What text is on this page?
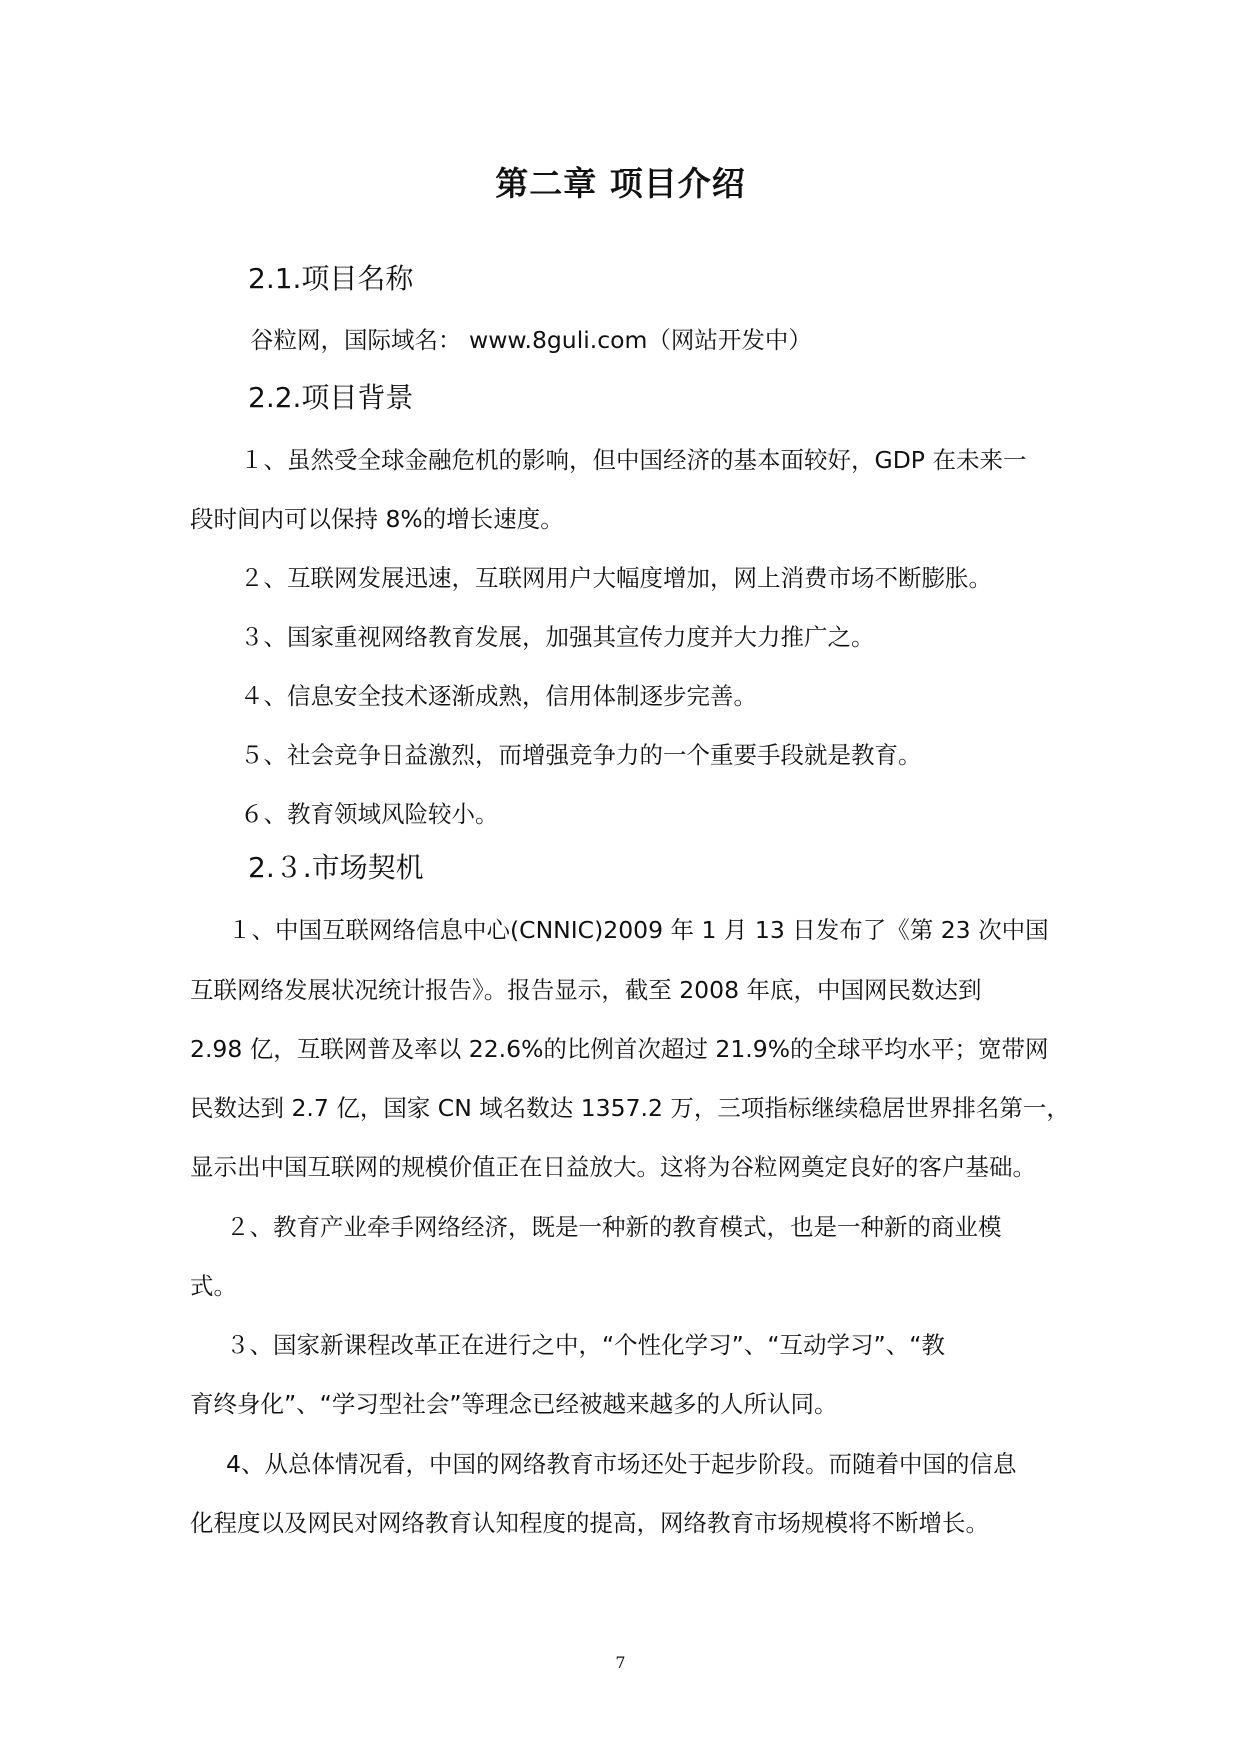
第二章 项目介绍
2.1.项目名称
谷粒网，国际域名： www.8guli.com（网站开发中）
2.2.项目背景
１、虽然受全球金融危机的影响，但中国经济的基本面较好，GDP 在未来一
段时间内可以保持 8%的增长速度。
２、互联网发展迅速，互联网用户大幅度增加，网上消费市场不断膨胀。
３、国家重视网络教育发展，加强其宣传力度并大力推广之。
４、信息安全技术逐渐成熟，信用体制逐步完善。
５、社会竞争日益激烈，而增强竞争力的一个重要手段就是教育。
６、教育领域风险较小。
2.３.市场契机
１、中国互联网络信息中心(CNNIC)2009 年 1 月 13 日发布了《第 23 次中国
互联网络发展状况统计报告》。报告显示，截至 2008 年底，中国网民数达到
2.98 亿，互联网普及率以 22.6%的比例首次超过 21.9%的全球平均水平；宽带网
民数达到 2.7 亿，国家 CN 域名数达 1357.2 万，三项指标继续稳居世界排名第一，
显示出中国互联网的规模价值正在日益放大。这将为谷粒网奠定良好的客户基础。
２、教育产业牵手网络经济，既是一种新的教育模式，也是一种新的商业模
式。
３、国家新课程改革正在进行之中，“个性化学习”、“互动学习”、“教
育终身化”、“学习型社会”等理念已经被越来越多的人所认同。
4、从总体情况看，中国的网络教育市场还处于起步阶段。而随着中国的信息
化程度以及网民对网络教育认知程度的提高，网络教育市场规模将不断增长。
7
